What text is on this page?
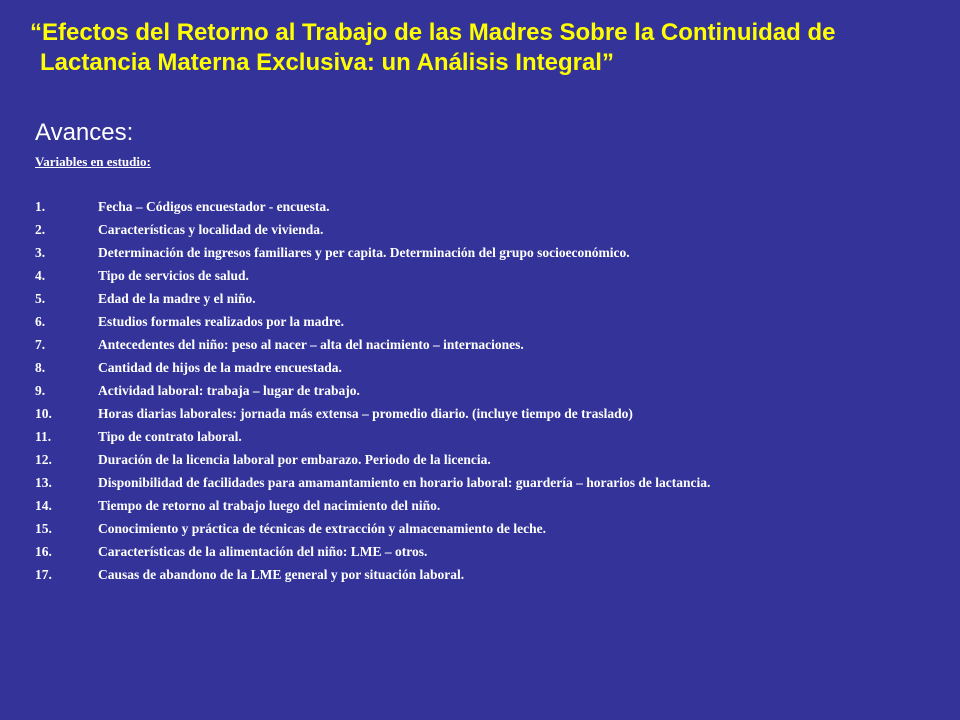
“Efectos del Retorno al Trabajo de las Madres Sobre la Continuidad de
Lactancia Materna Exclusiva: un Análisis Integral”
Avances:
Variables en estudio:
1.	Fecha – Códigos encuestador - encuesta.
2.	Características y localidad de vivienda.
3.	Determinación de ingresos familiares y per capita. Determinación del grupo socioeconómico.
4.	Tipo de servicios de salud.
5.	Edad de la madre y el niño.
6.	Estudios formales realizados por la madre.
7.	Antecedentes del niño: peso al nacer – alta del nacimiento – internaciones.
8.	Cantidad de hijos de la madre encuestada.
9.	Actividad laboral: trabaja – lugar de trabajo.
10.	Horas diarias laborales: jornada más extensa – promedio diario. (incluye tiempo de traslado)
11.	Tipo de contrato laboral.
12.	Duración de la licencia laboral por embarazo. Periodo de la licencia.
13.	Disponibilidad de facilidades para amamantamiento en horario laboral: guardería – horarios de lactancia.
14.	Tiempo de retorno al trabajo luego del nacimiento del niño.
15.	Conocimiento y práctica de técnicas de extracción y almacenamiento de leche.
16.	Características de la alimentación del niño: LME – otros.
17.	Causas de abandono de la LME general y por situación laboral.
